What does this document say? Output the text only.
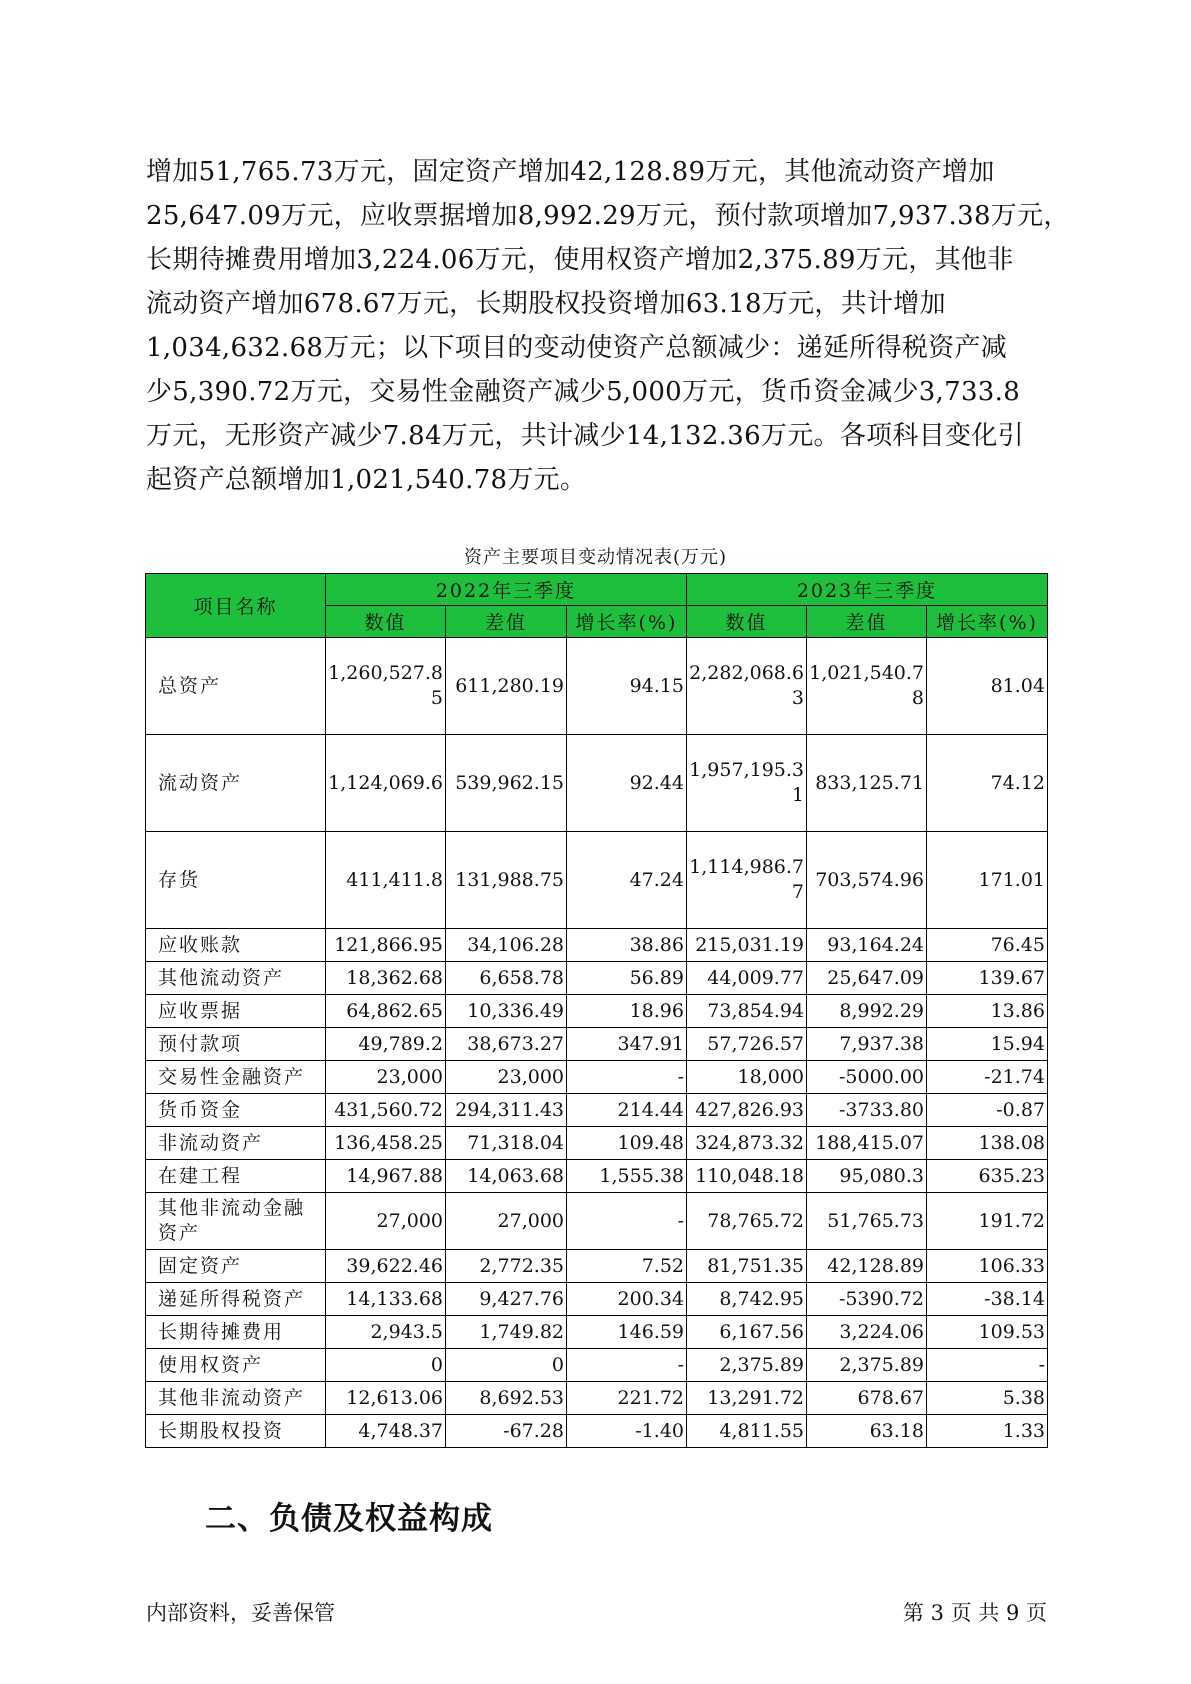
增加51,765.73万元，固定资产增加42,128.89万元，其他流动资产增加
25,647.09万元，应收票据增加8,992.29万元，预付款项增加7,937.38万元，
长期待摊费用增加3,224.06万元，使用权资产增加2,375.89万元，其他非
流动资产增加678.67万元，长期股权投资增加63.18万元，共计增加
1,034,632.68万元；以下项目的变动使资产总额减少：递延所得税资产减
少5,390.72万元，交易性金融资产减少5,000万元，货币资金减少3,733.8
万元，无形资产减少7.84万元，共计减少14,132.36万元。各项科目变化引
起资产总额增加1,021,540.78万元。
资产主要项目变动情况表(万元)
项目名称	2022年三季度			2023年三季度		
	数值	差值	增长率(%)	数值	差值	增长率(%)
总资产	1,260,527.85	611,280.19	94.15	2,282,068.63	1,021,540.78	81.04
流动资产	1,124,069.6	539,962.15	92.44	1,957,195.31	833,125.71	74.12
存货	411,411.8	131,988.75	47.24	1,114,986.77	703,574.96	171.01
应收账款	121,866.95	34,106.28	38.86	215,031.19	93,164.24	76.45
其他流动资产	18,362.68	6,658.78	56.89	44,009.77	25,647.09	139.67
应收票据	64,862.65	10,336.49	18.96	73,854.94	8,992.29	13.86
预付款项	49,789.2	38,673.27	347.91	57,726.57	7,937.38	15.94
交易性金融资产	23,000	23,000	-	18,000	-5000.00	-21.74
货币资金	431,560.72	294,311.43	214.44	427,826.93	-3733.80	-0.87
非流动资产	136,458.25	71,318.04	109.48	324,873.32	188,415.07	138.08
在建工程	14,967.88	14,063.68	1,555.38	110,048.18	95,080.3	635.23
其他非流动金融资产	27,000	27,000	-	78,765.72	51,765.73	191.72
固定资产	39,622.46	2,772.35	7.52	81,751.35	42,128.89	106.33
递延所得税资产	14,133.68	9,427.76	200.34	8,742.95	-5390.72	-38.14
长期待摊费用	2,943.5	1,749.82	146.59	6,167.56	3,224.06	109.53
使用权资产	0	0	-	2,375.89	2,375.89	-
其他非流动资产	12,613.06	8,692.53	221.72	13,291.72	678.67	5.38
长期股权投资	4,748.37	-67.28	-1.40	4,811.55	63.18	1.33
二、负债及权益构成
内部资料，妥善保管	第 3 页 共 9 页
